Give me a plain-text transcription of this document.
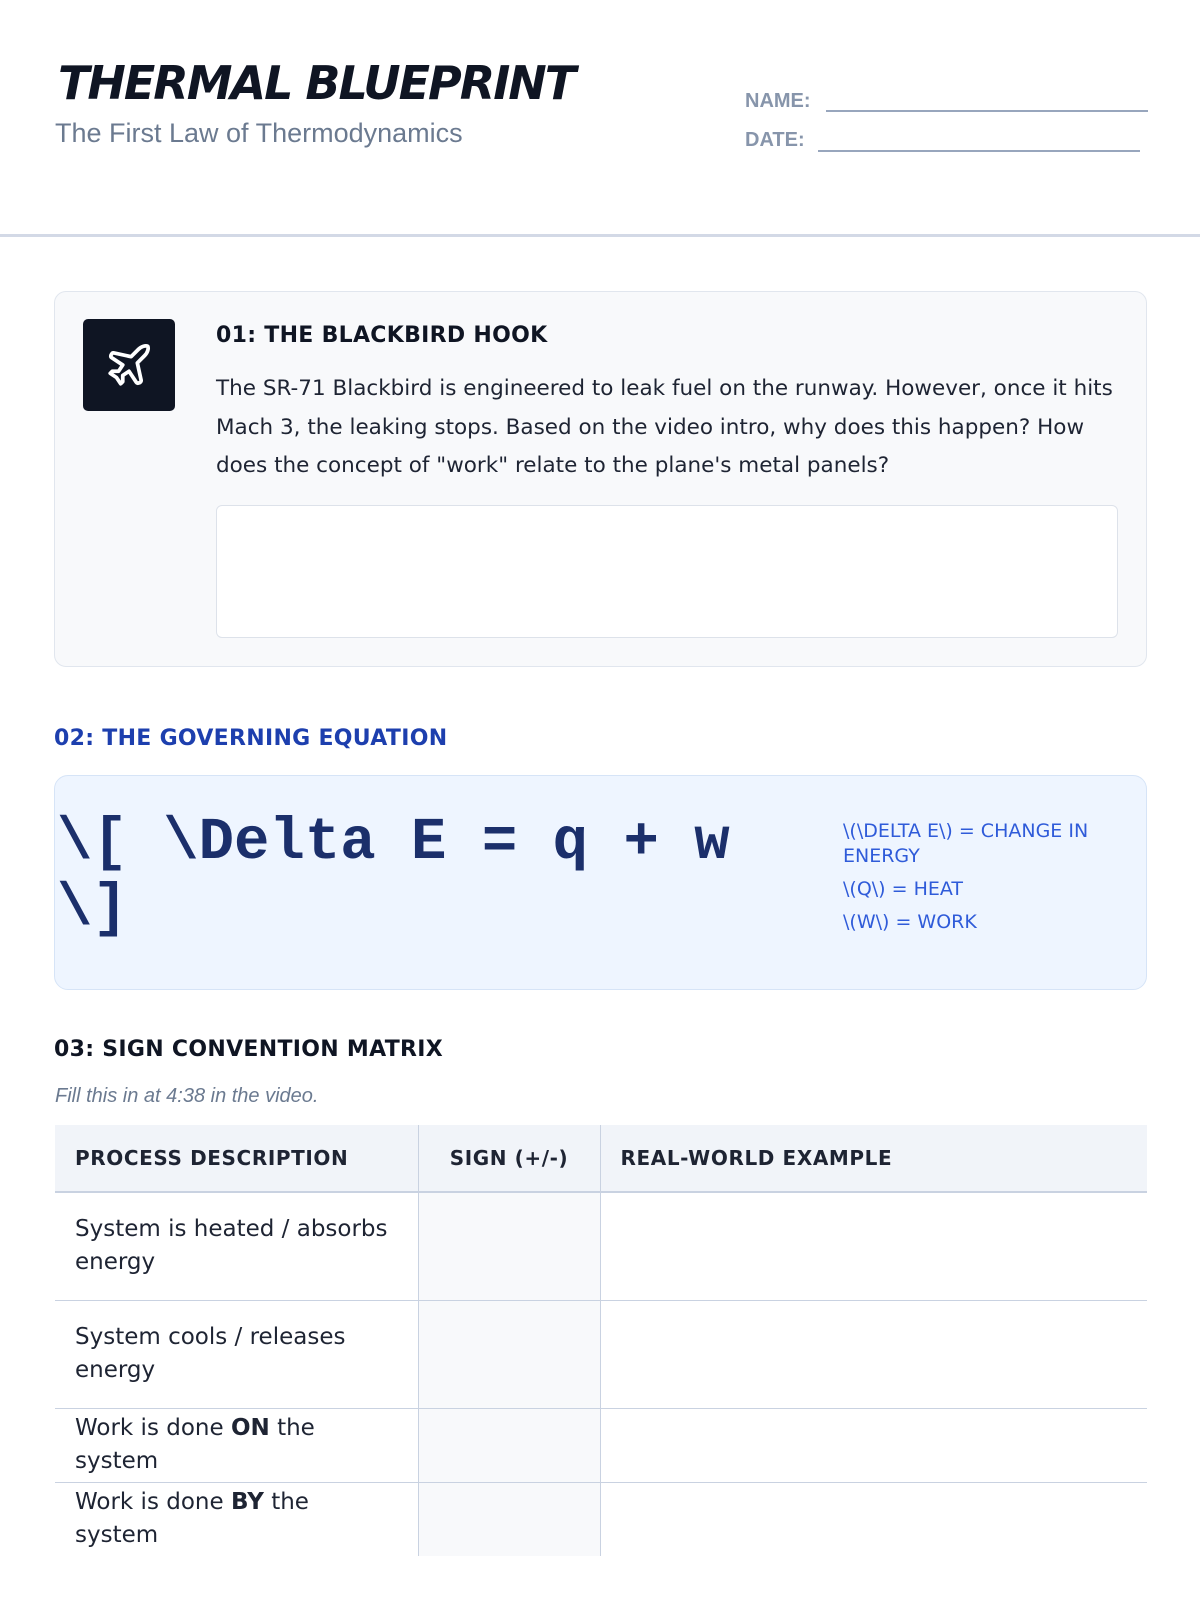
THERMAL BLUEPRINT
The First Law of Thermodynamics
NAME:
DATE:
01: THE BLACKBIRD HOOK
The SR-71 Blackbird is engineered to leak fuel on the runway. However, once it hits Mach 3, the leaking stops. Based on the video intro, why does this happen? How does the concept of "work" relate to the plane's metal panels?
02: THE GOVERNING EQUATION
\[ \Delta E = q + w \]
\(\DELTA E\) = CHANGE IN ENERGY
\(Q\) = HEAT
\(W\) = WORK
03: SIGN CONVENTION MATRIX
Fill this in at 4:38 in the video.
PROCESS DESCRIPTION	SIGN (+/-)	REAL-WORLD EXAMPLE
System is heated / absorbs energy		
System cools / releases energy		
Work is done ON the system		
Work is done BY the system		
